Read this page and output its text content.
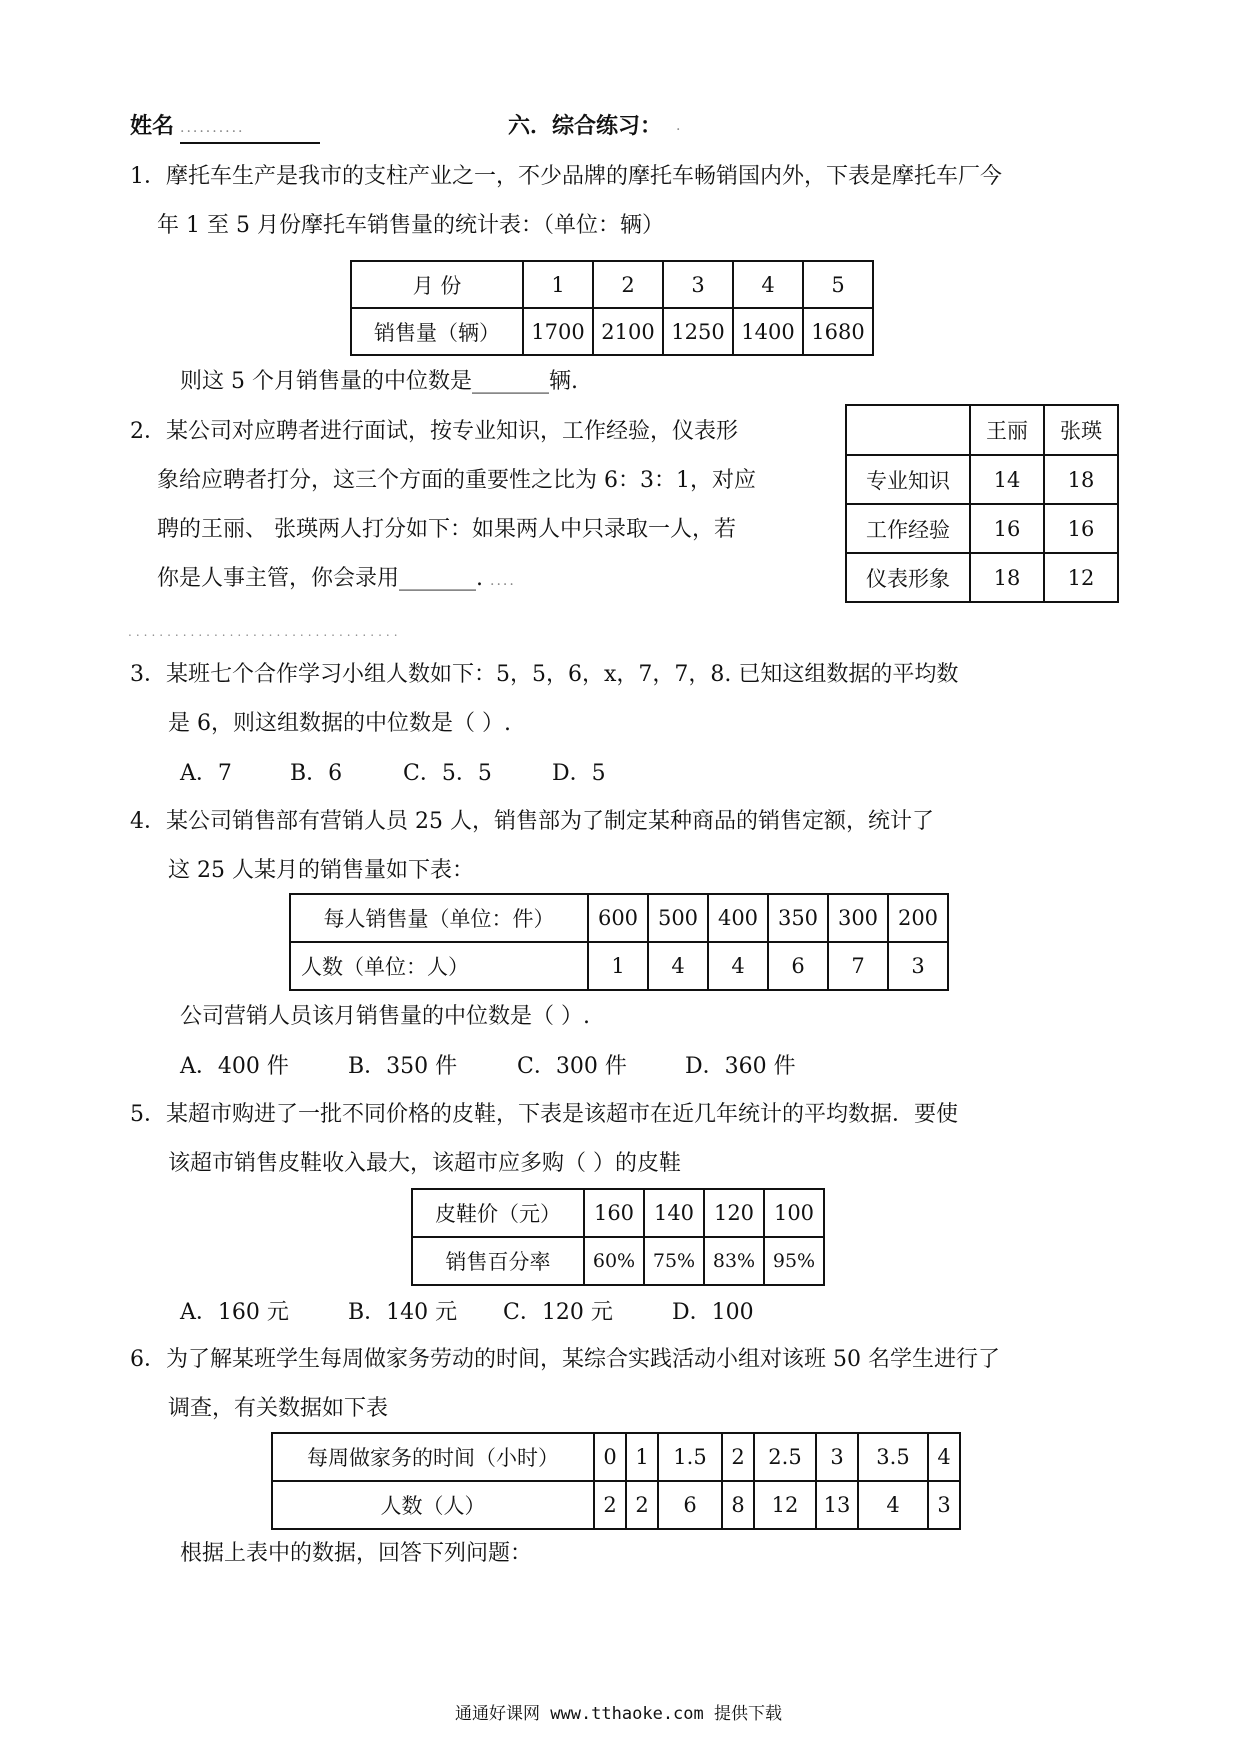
姓名 ..........	六．综合练习： .
1．摩托车生产是我市的支柱产业之一，不少品牌的摩托车畅销国内外，下表是摩托车厂今
年 1 至 5 月份摩托车销售量的统计表：（单位：辆）
月 份	1	2	3	4	5
销售量（辆）	1700	2100	1250	1400	1680
则这 5 个月销售量的中位数是_______辆.
2．某公司对应聘者进行面试，按专业知识，工作经验，仪表形
象给应聘者打分，这三个方面的重要性之比为 6：3：1，对应
聘的王丽、 张瑛两人打分如下：如果两人中只录取一人，若
你是人事主管，你会录用_______. ....
...................................
	王丽	张瑛
专业知识	14	18
工作经验	16	16
仪表形象	18	12
3．某班七个合作学习小组人数如下：5，5，6，x，7，7，8. 已知这组数据的平均数
是 6，则这组数据的中位数是（ ）.
A．7	B．6	C．5．5	D．5
4．某公司销售部有营销人员 25 人，销售部为了制定某种商品的销售定额，统计了
这 25 人某月的销售量如下表：
每人销售量（单位：件）	600	500	400	350	300	200
人数（单位：人）	1	4	4	6	7	3
公司营销人员该月销售量的中位数是（ ）.
A．400 件	B．350 件	C．300 件	D．360 件
5．某超市购进了一批不同价格的皮鞋，下表是该超市在近几年统计的平均数据．要使
该超市销售皮鞋收入最大，该超市应多购（ ）的皮鞋
皮鞋价（元）	160	140	120	100
销售百分率	60%	75%	83%	95%
A．160 元	B．140 元 C．120 元	D．100
6．为了解某班学生每周做家务劳动的时间，某综合实践活动小组对该班 50 名学生进行了
调查，有关数据如下表
每周做家务的时间（小时）	0	1	1.5	2	2.5	3	3.5	4
人数（人）	2	2	6	8	12	13	4	3
根据上表中的数据，回答下列问题：
通通好课网 www.tthaoke.com 提供下载
